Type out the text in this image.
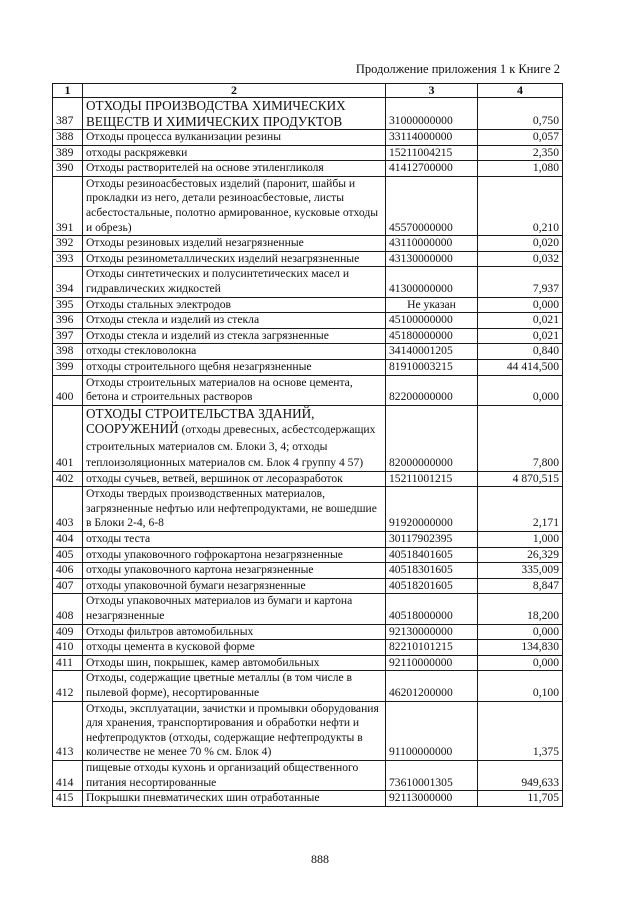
Продолжение приложения 1 к Книге 2
1	2	3	4
387	ОТХОДЫ ПРОИЗВОДСТВА ХИМИЧЕСКИХ ВЕЩЕСТВ И ХИМИЧЕСКИХ ПРОДУКТОВ	31000000000	0,750
388	Отходы процесса вулканизации резины	33114000000	0,057
389	отходы раскряжевки	15211004215	2,350
390	Отходы растворителей на основе этиленгликоля	41412700000	1,080
391	Отходы резиноасбестовых изделий (паронит, шайбы и прокладки из него, детали резиноасбестовые, листы асбестостальные, полотно армированное, кусковые отходы и обрезь)	45570000000	0,210
392	Отходы резиновых изделий незагрязненные	43110000000	0,020
393	Отходы резинометаллических изделий незагрязненные	43130000000	0,032
394	Отходы синтетических и полусинтетических масел и гидравлических жидкостей	41300000000	7,937
395	Отходы стальных электродов	Не указан	0,000
396	Отходы стекла и изделий из стекла	45100000000	0,021
397	Отходы стекла и изделий из стекла загрязненные	45180000000	0,021
398	отходы стекловолокна	34140001205	0,840
399	отходы строительного щебня незагрязненные	81910003215	44 414,500
400	Отходы строительных материалов на основе цемента, бетона и строительных растворов	82200000000	0,000
401	ОТХОДЫ СТРОИТЕЛЬСТВА ЗДАНИЙ, СООРУЖЕНИЙ (отходы древесных, асбестсодержащих строительных материалов см. Блоки 3, 4; отходы теплоизоляционных материалов см. Блок 4 группу 4 57)	82000000000	7,800
402	отходы сучьев, ветвей, вершинок от лесоразработок	15211001215	4 870,515
403	Отходы твердых производственных материалов, загрязненные нефтью или нефтепродуктами, не вошедшие в Блоки 2-4, 6-8	91920000000	2,171
404	отходы теста	30117902395	1,000
405	отходы упаковочного гофрокартона незагрязненные	40518401605	26,329
406	отходы упаковочного картона незагрязненные	40518301605	335,009
407	отходы упаковочной бумаги незагрязненные	40518201605	8,847
408	Отходы упаковочных материалов из бумаги и картона незагрязненные	40518000000	18,200
409	Отходы фильтров автомобильных	92130000000	0,000
410	отходы цемента в кусковой форме	82210101215	134,830
411	Отходы шин, покрышек, камер автомобильных	92110000000	0,000
412	Отходы, содержащие цветные металлы (в том числе в пылевой форме), несортированные	46201200000	0,100
413	Отходы, эксплуатации, зачистки и промывки оборудования для хранения, транспортирования и обработки нефти и нефтепродуктов (отходы, содержащие нефтепродукты в количестве не менее 70 % см. Блок 4)	91100000000	1,375
414	пищевые отходы кухонь и организаций общественного питания несортированные	73610001305	949,633
415	Покрышки пневматических шин отработанные	92113000000	11,705
888
